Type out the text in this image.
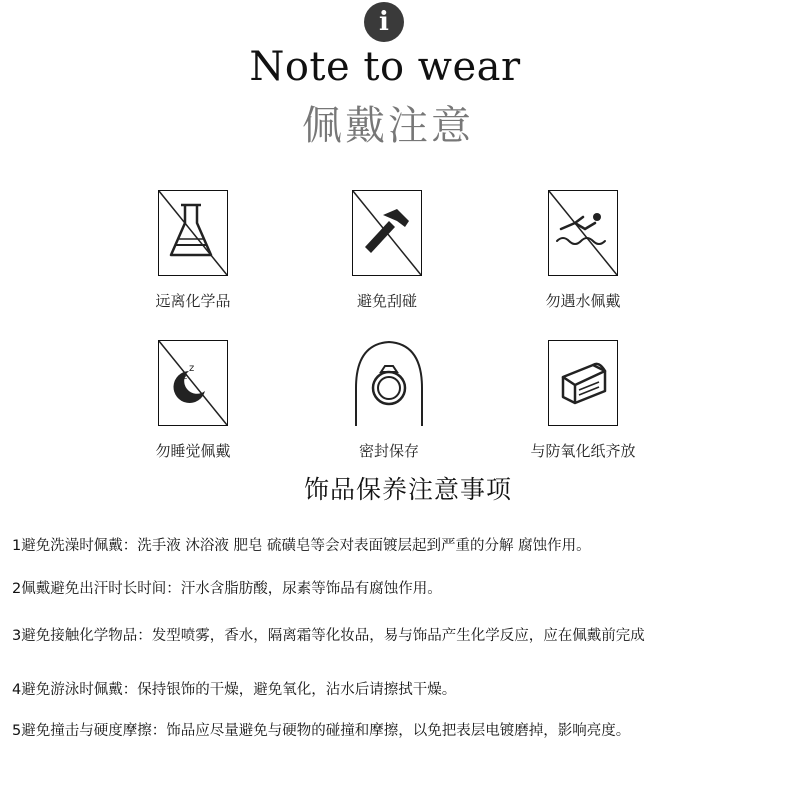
i
Note to wear
佩戴注意
远离化学品	避免刮碰	勿遇水佩戴
z
z
勿睡觉佩戴	密封保存	与防氧化纸齐放
饰品保养注意事项
1避免洗澡时佩戴：洗手液 沐浴液 肥皂 硫磺皂等会对表面镀层起到严重的分解 腐蚀作用。
2佩戴避免出汗时长时间：汗水含脂肪酸，尿素等饰品有腐蚀作用。
3避免接触化学物品：发型喷雾，香水，隔离霜等化妆品，易与饰品产生化学反应，应在佩戴前完成
4避免游泳时佩戴：保持银饰的干燥，避免氧化，沾水后请擦拭干燥。
5避免撞击与硬度摩擦：饰品应尽量避免与硬物的碰撞和摩擦，以免把表层电镀磨掉，影响亮度。
